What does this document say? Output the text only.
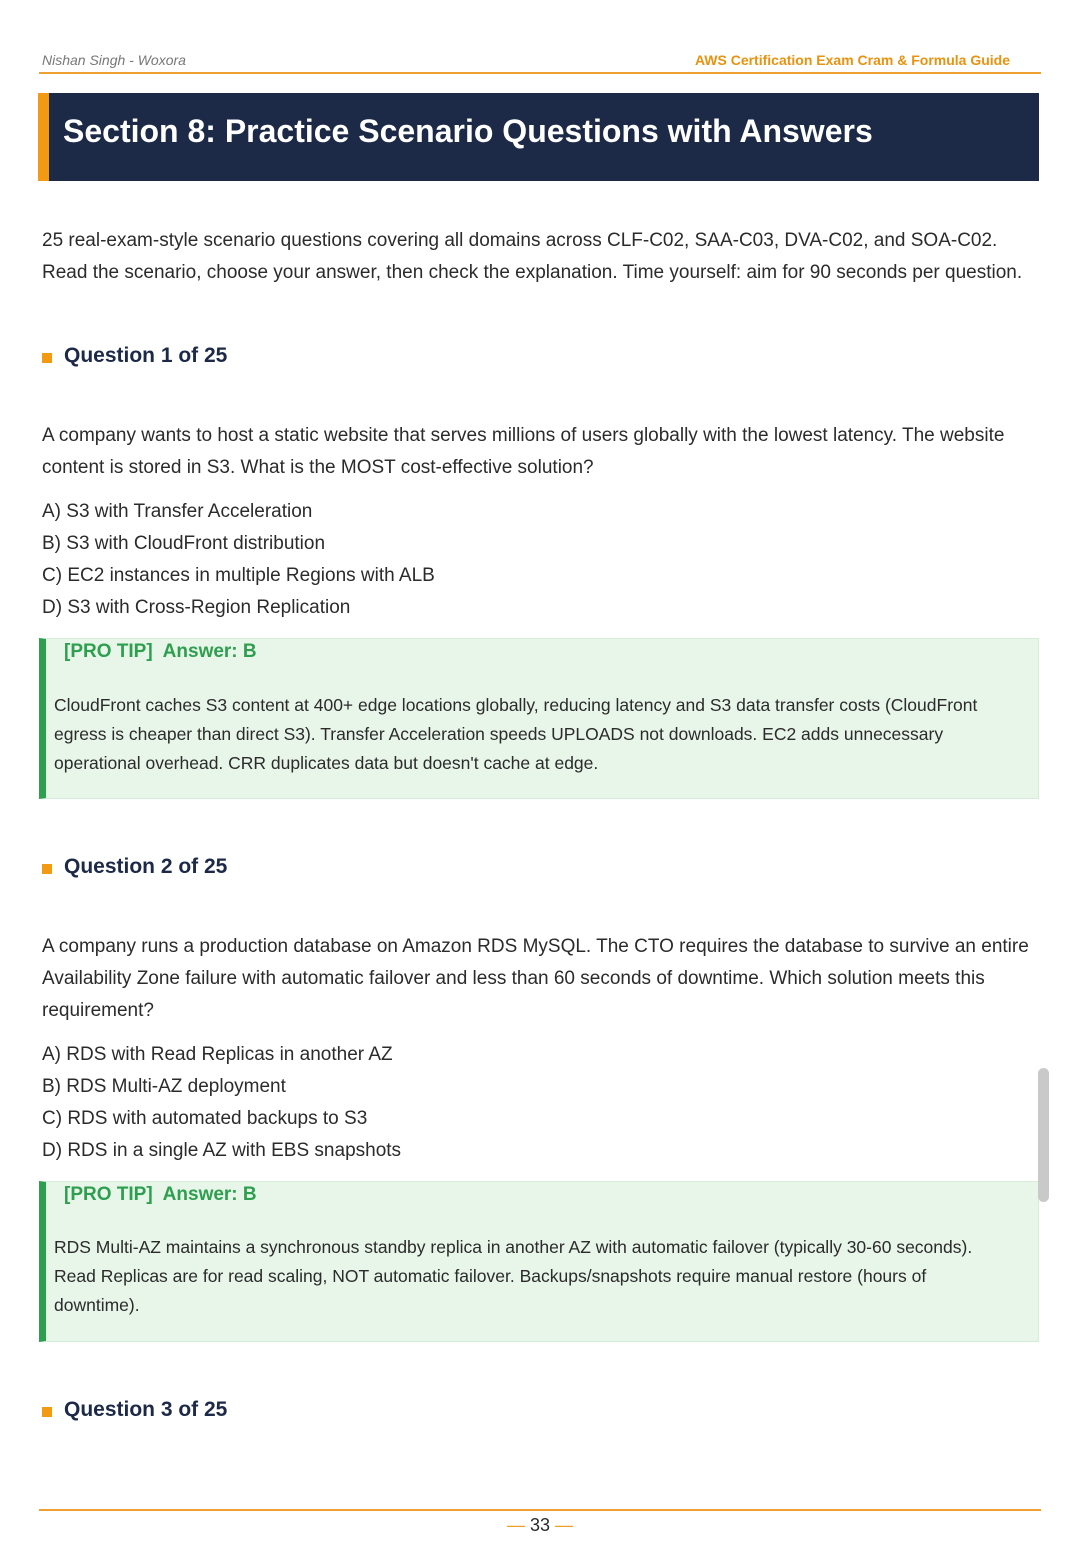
Nishan Singh - Woxora	AWS Certification Exam Cram & Formula Guide
Section 8: Practice Scenario Questions with Answers
25 real-exam-style scenario questions covering all domains across CLF-C02, SAA-C03, DVA-C02, and SOA-C02. Read the scenario, choose your answer, then check the explanation. Time yourself: aim for 90 seconds per question.
Question 1 of 25
A company wants to host a static website that serves millions of users globally with the lowest latency. The website content is stored in S3. What is the MOST cost-effective solution?
A) S3 with Transfer Acceleration
B) S3 with CloudFront distribution
C) EC2 instances in multiple Regions with ALB
D) S3 with Cross-Region Replication
[PRO TIP] Answer: B
CloudFront caches S3 content at 400+ edge locations globally, reducing latency and S3 data transfer costs (CloudFront egress is cheaper than direct S3). Transfer Acceleration speeds UPLOADS not downloads. EC2 adds unnecessary operational overhead. CRR duplicates data but doesn't cache at edge.
Question 2 of 25
A company runs a production database on Amazon RDS MySQL. The CTO requires the database to survive an entire Availability Zone failure with automatic failover and less than 60 seconds of downtime. Which solution meets this requirement?
A) RDS with Read Replicas in another AZ
B) RDS Multi-AZ deployment
C) RDS with automated backups to S3
D) RDS in a single AZ with EBS snapshots
[PRO TIP] Answer: B
RDS Multi-AZ maintains a synchronous standby replica in another AZ with automatic failover (typically 30-60 seconds). Read Replicas are for read scaling, NOT automatic failover. Backups/snapshots require manual restore (hours of downtime).
Question 3 of 25
— 33 —
